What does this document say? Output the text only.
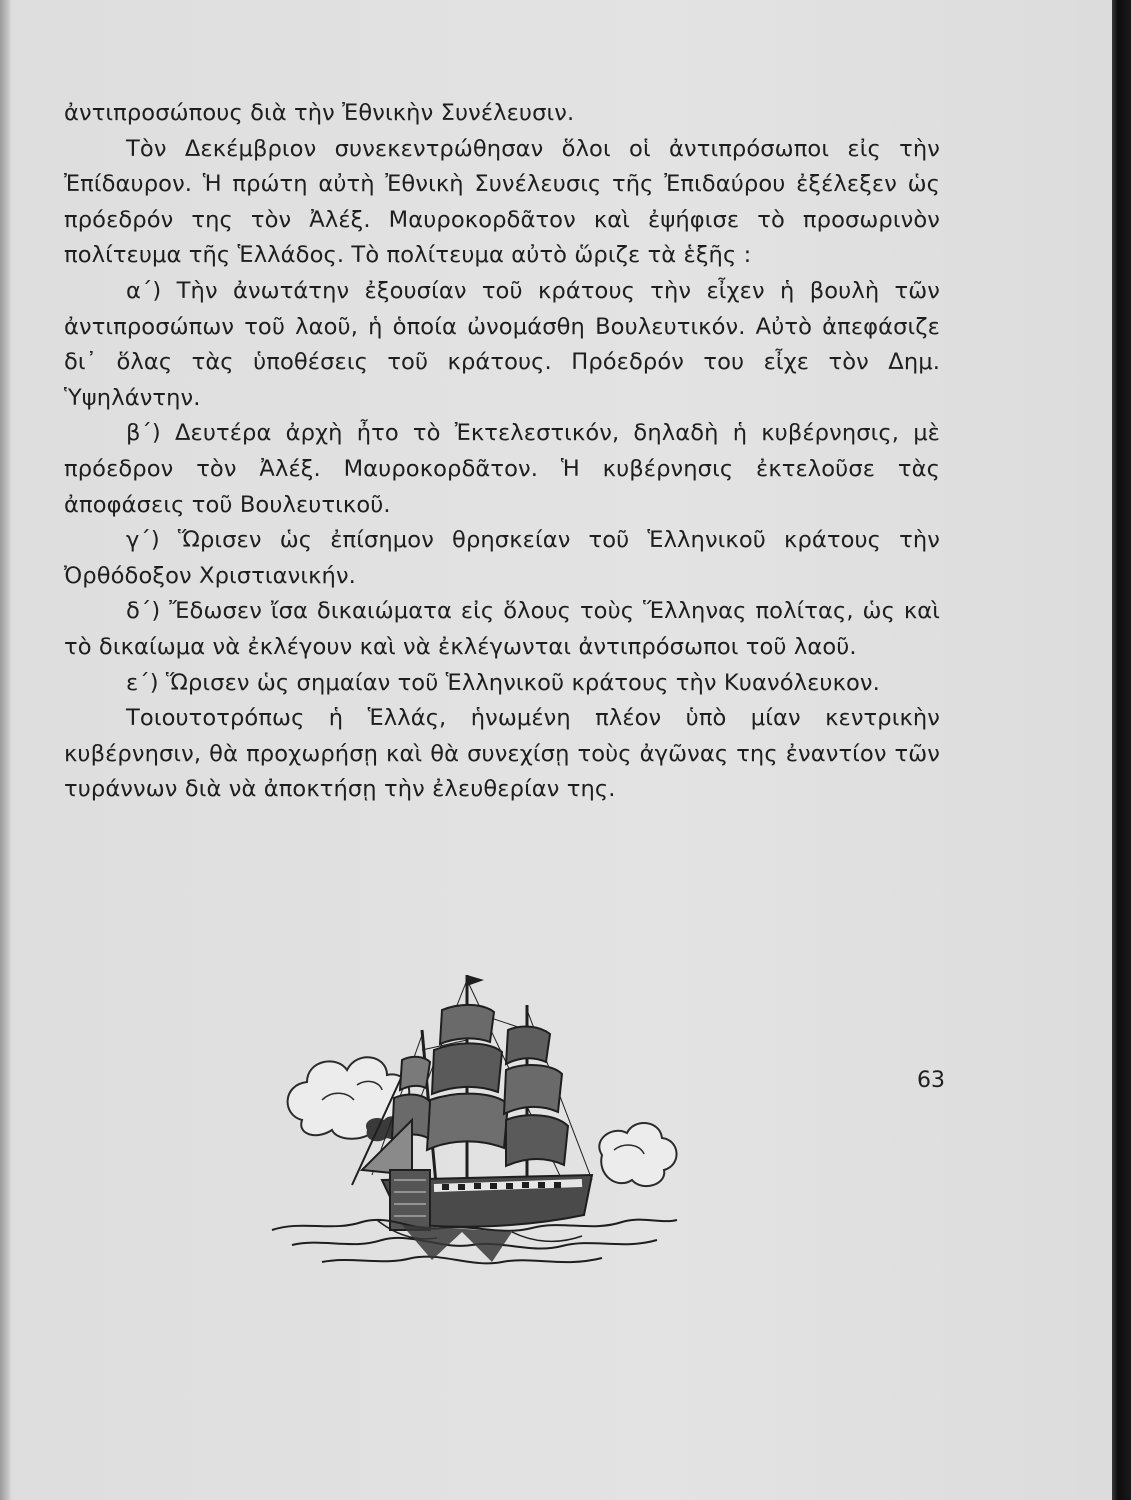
ἀντιπροσώπους διὰ τὴν Ἐθνικὴν Συνέλευσιν.

Τὸν Δεκέμβριον συνεκεντρώθησαν ὅλοι οἱ ἀντιπρόσωποι εἰς τὴν Ἐπίδαυρον. Ἡ πρώτη αὐτὴ Ἐθνικὴ Συνέλευσις τῆς Ἐπιδαύρου ἐξέλεξεν ὡς πρόεδρόν της τὸν Ἀλέξ. Μαυροκορδᾶτον καὶ ἐψήφισε τὸ προσωρινὸν πολίτευμα τῆς Ἑλλάδος. Τὸ πολίτευμα αὐτὸ ὥριζε τὰ ἑξῆς :

α΄) Τὴν ἀνωτάτην ἐξουσίαν τοῦ κράτους τὴν εἶχεν ἡ βουλὴ τῶν ἀντιπροσώπων τοῦ λαοῦ, ἡ ὁποία ὠνομάσθη Βουλευτικόν. Αὐτὸ ἀπεφάσιζε δι᾽ ὅλας τὰς ὑποθέσεις τοῦ κράτους. Πρόεδρόν του εἶχε τὸν Δημ. Ὑψηλάντην.

β΄) Δευτέρα ἀρχὴ ἦτο τὸ Ἐκτελεστικόν, δηλαδὴ ἡ κυβέρνησις, μὲ πρόεδρον τὸν Ἀλέξ. Μαυροκορδᾶτον. Ἡ κυβέρνησις ἐκτελοῦσε τὰς ἀποφάσεις τοῦ Βουλευτικοῦ.

γ΄) Ὥρισεν ὡς ἐπίσημον θρησκείαν τοῦ Ἑλληνικοῦ κράτους τὴν Ὀρθόδοξον Χριστιανικήν.

δ΄) Ἔδωσεν ἴσα δικαιώματα εἰς ὅλους τοὺς Ἕλληνας πολίτας, ὡς καὶ τὸ δικαίωμα νὰ ἐκλέγουν καὶ νὰ ἐκλέγωνται ἀντιπρόσωποι τοῦ λαοῦ.

ε΄) Ὥρισεν ὡς σημαίαν τοῦ Ἑλληνικοῦ κράτους τὴν Κυανόλευκον.

Τοιουτοτρόπως ἡ Ἑλλάς, ἡνωμένη πλέον ὑπὸ μίαν κεντρικὴν κυβέρνησιν, θὰ προχωρήσῃ καὶ θὰ συνεχίσῃ τοὺς ἀγῶνας της ἐναντίον τῶν τυράννων διὰ νὰ ἀποκτήσῃ τὴν ἐλευθερίαν της.

63
